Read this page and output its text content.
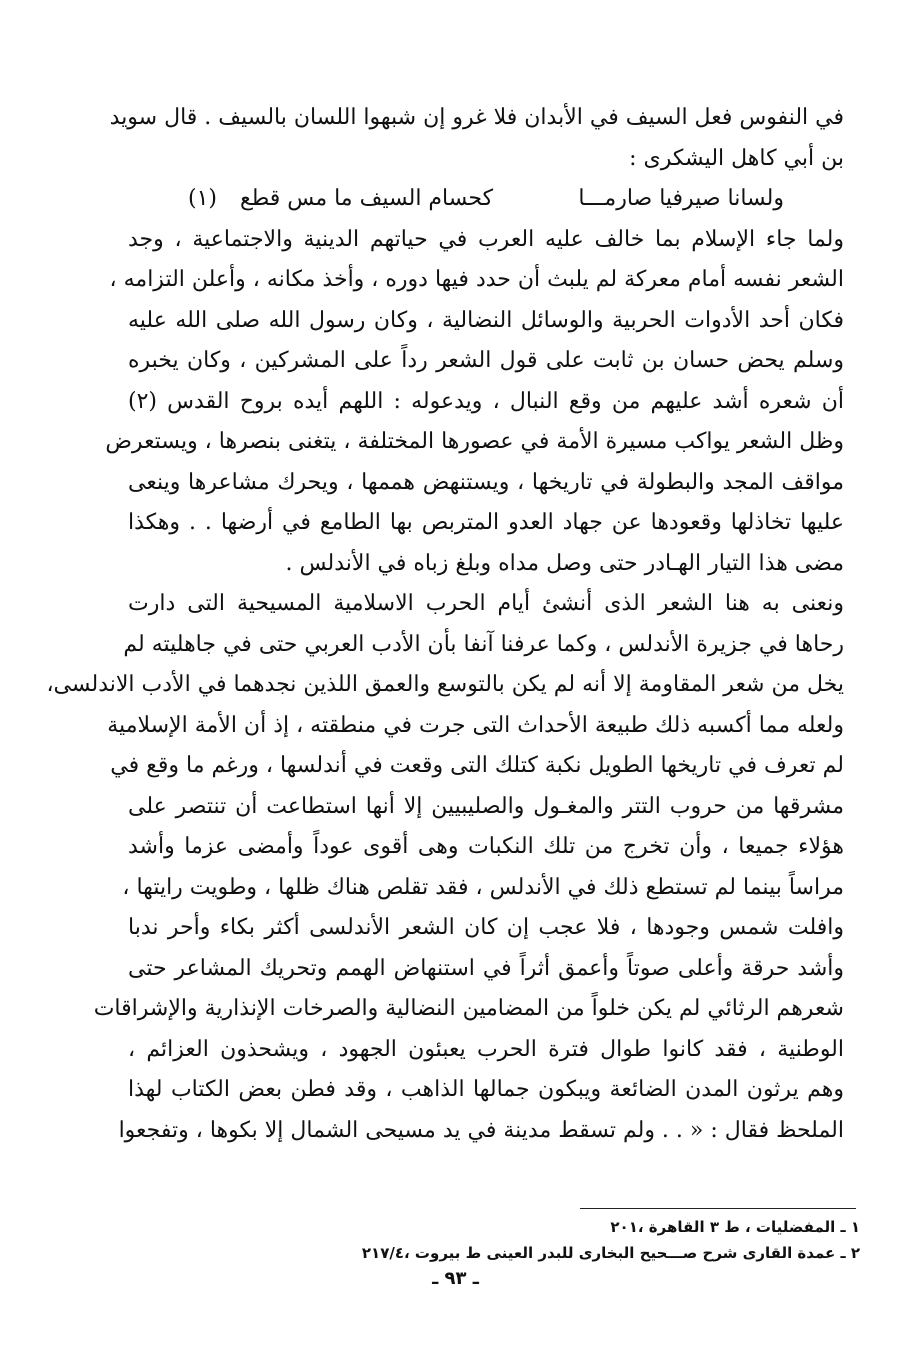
في النفوس فعل السيف في الأبدان فلا غرو إن شبهوا اللسان بالسيف . قال سويد
بن أبي كاهل اليشكرى :
ولسانا صيرفيا صارمـــا
كحسام السيف ما مس قطع (١)
ولما جاء الإسلام بما خالف عليه العرب في حياتهم الدينية والاجتماعية ، وجد
الشعر نفسه أمام معركة لم يلبث أن حدد فيها دوره ، وأخذ مكانه ، وأعلن التزامه ،
فكان أحد الأدوات الحربية والوسائل النضالية ، وكان رسول الله صلى الله عليه
وسلم يحض حسان بن ثابت على قول الشعر رداً على المشركين ، وكان يخبره
أن شعره أشد عليهم من وقع النبال ، ويدعوله : اللهم أيده بروح القدس (٢)
وظل الشعر يواكب مسيرة الأمة في عصورها المختلفة ، يتغنى بنصرها ، ويستعرض
مواقف المجد والبطولة في تاريخها ، ويستنهض هممها ، ويحرك مشاعرها وينعى
عليها تخاذلها وقعودها عن جهاد العدو المتربص بها الطامع في أرضها . . وهكذا
مضى هذا التيار الهـادر حتى وصل مداه وبلغ زباه في الأندلس .
ونعنى به هنا الشعر الذى أنشئ أيام الحرب الاسلامية المسيحية التى دارت
رحاها في جزيرة الأندلس ، وكما عرفنا آنفا بأن الأدب العربي حتى في جاهليته لم
يخل من شعر المقاومة إلا أنه لم يكن بالتوسع والعمق اللذين نجدهما في الأدب الاندلسى،
ولعله مما أكسبه ذلك طبيعة الأحداث التى جرت في منطقته ، إذ أن الأمة الإسلامية
لم تعرف في تاريخها الطويل نكبة كتلك التى وقعت في أندلسها ، ورغم ما وقع في
مشرقها من حروب التتر والمغـول والصليبيين إلا أنها استطاعت أن تنتصر على
هؤلاء جميعا ، وأن تخرج من تلك النكبات وهى أقوى عوداً وأمضى عزما وأشد
مراساً بينما لم تستطع ذلك في الأندلس ، فقد تقلص هناك ظلها ، وطويت رايتها ،
وافلت شمس وجودها ، فلا عجب إن كان الشعر الأندلسى أكثر بكاء وأحر ندبا
وأشد حرقة وأعلى صوتاً وأعمق أثراً في استنهاض الهمم وتحريك المشاعر حتى
شعرهم الرثائي لم يكن خلواً من المضامين النضالية والصرخات الإنذارية والإشراقات
الوطنية ، فقد كانوا طوال فترة الحرب يعبئون الجهود ، ويشحذون العزائم ،
وهم يرثون المدن الضائعة ويبكون جمالها الذاهب ، وقد فطن بعض الكتاب لهذا
الملحظ فقال : « . . ولم تسقط مدينة في يد مسيحى الشمال إلا بكوها ، وتفجعوا
١ ـ المفضليات ، ط ٣ القاهرة ،٢٠١
٢ ـ عمدة القارى شرح صـــحيح البخارى للبدر العينى ط بيروت ،٢١٧/٤
ـ ٩٣ ـ
